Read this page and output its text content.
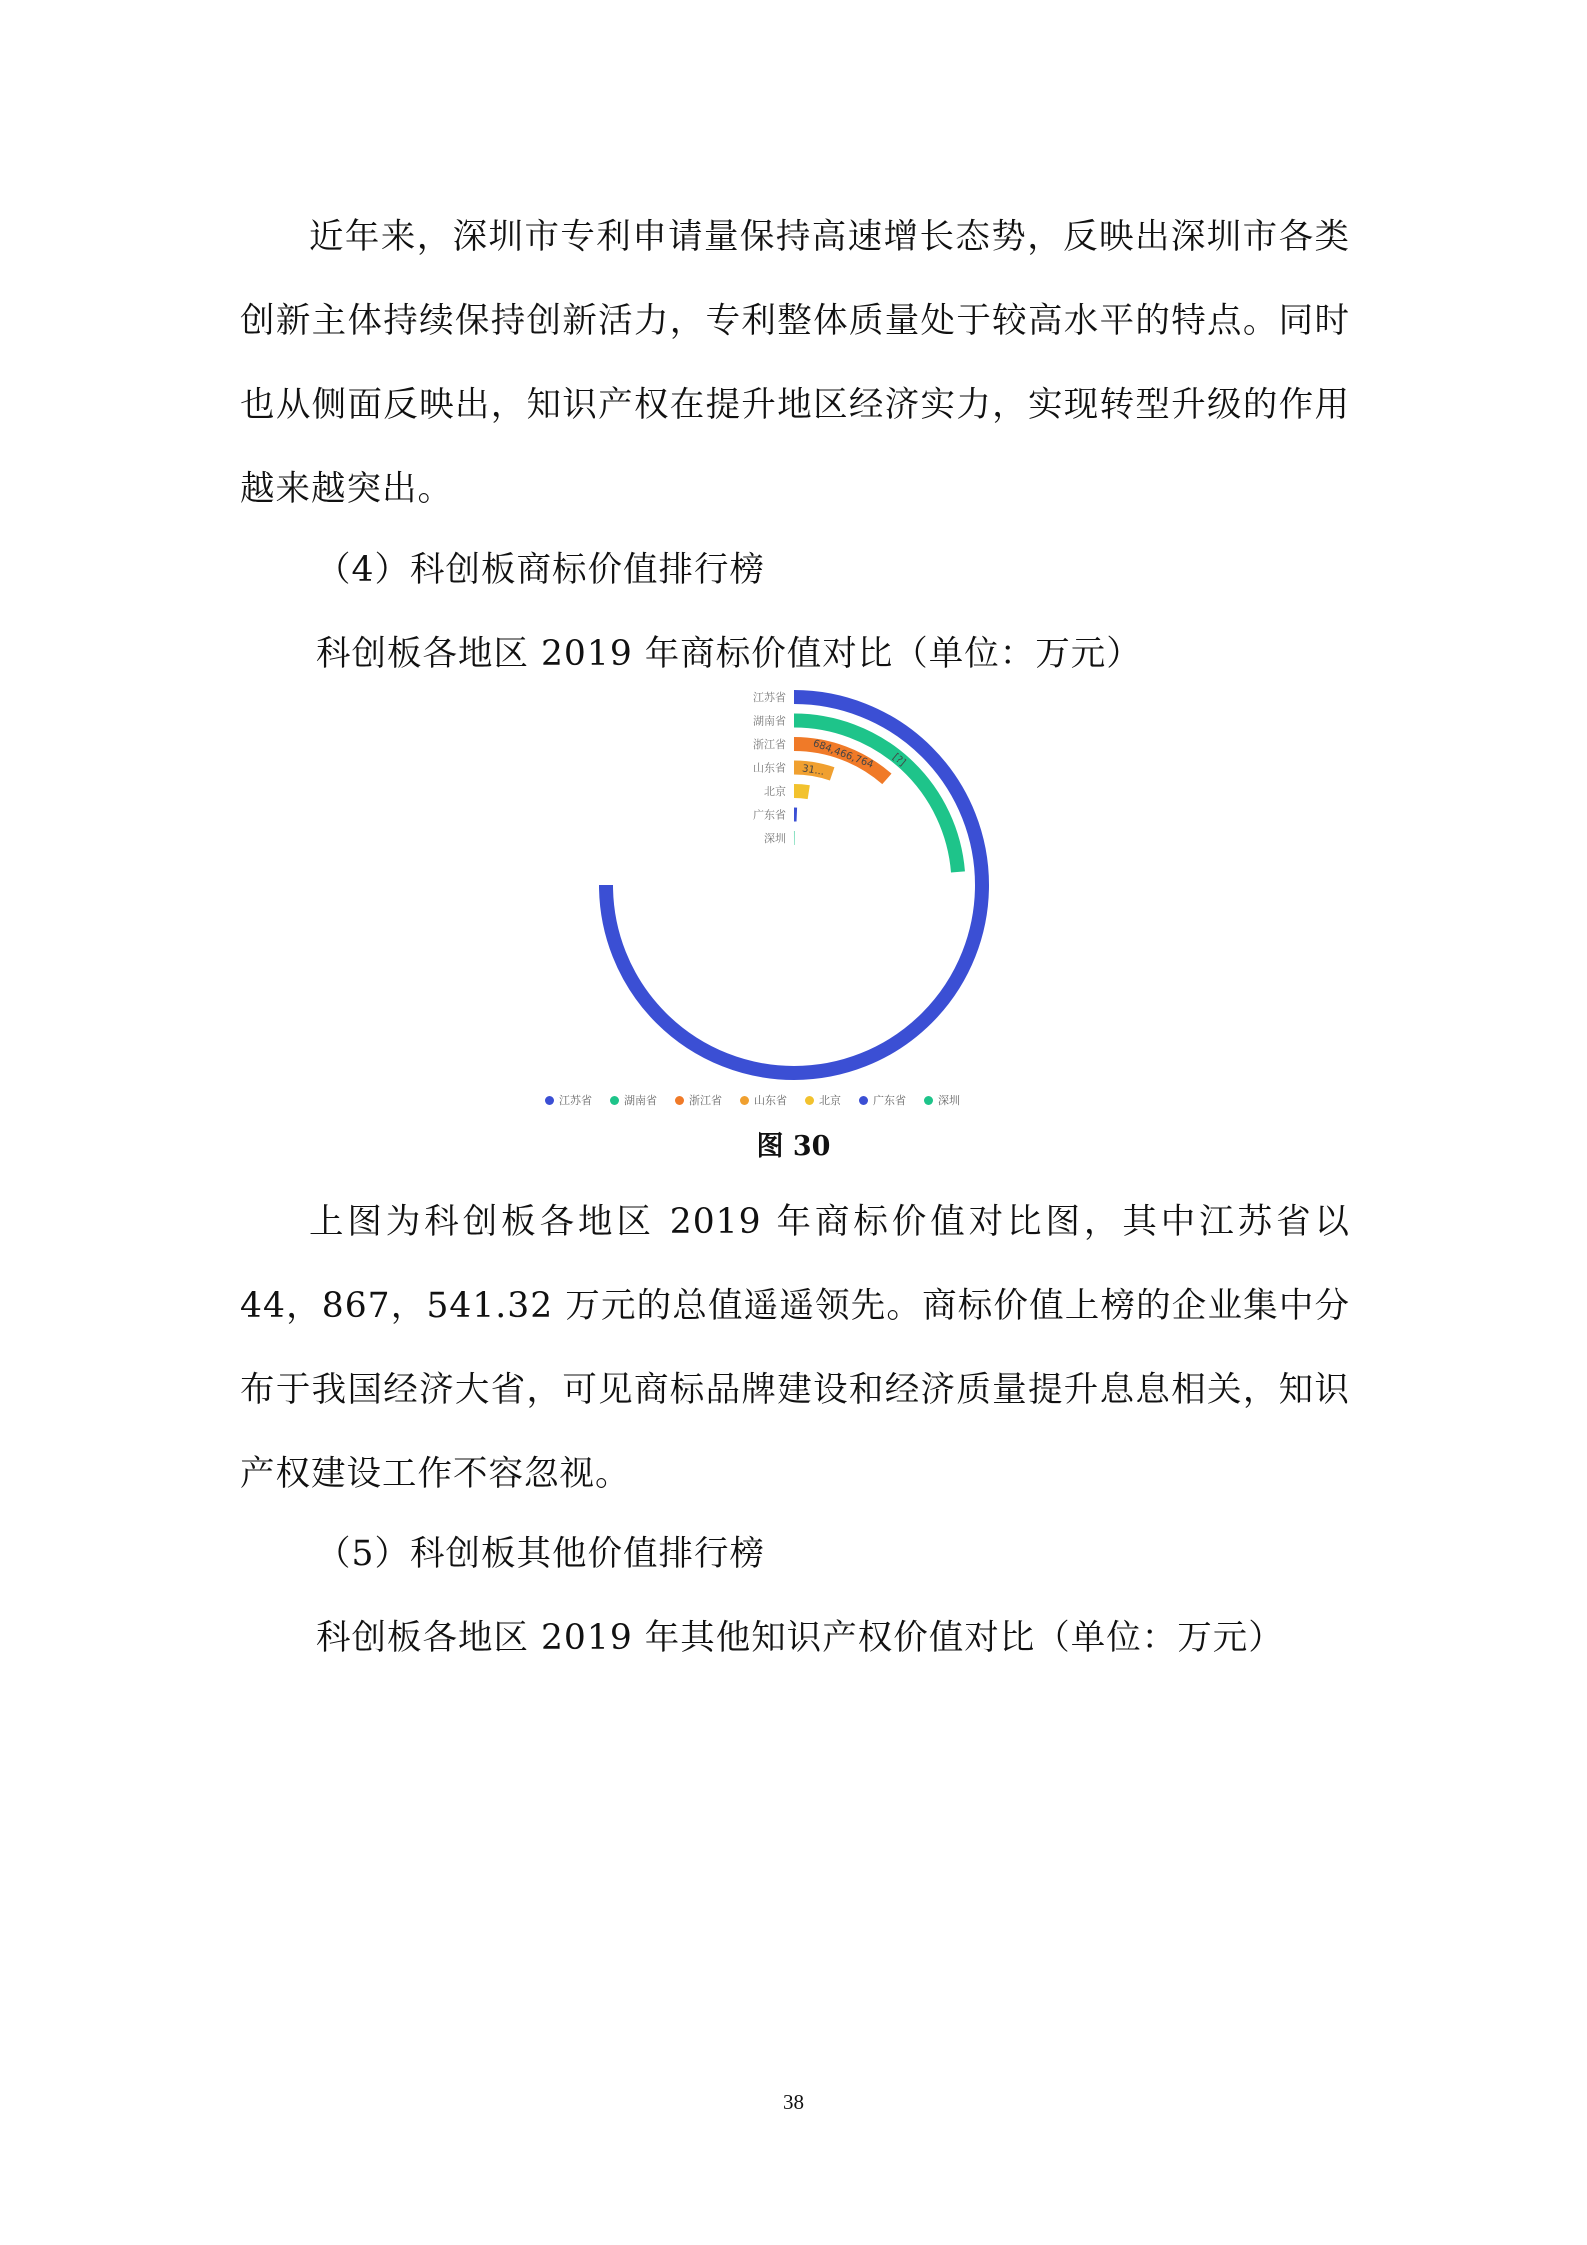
近年来，深圳市专利申请量保持高速增长态势，反映出深圳市各类创新主体持续保持创新活力，专利整体质量处于较高水平的特点。同时也从侧面反映出，知识产权在提升地区经济实力，实现转型升级的作用越来越突出。

（4）科创板商标价值排行榜
科创板各地区 2019 年商标价值对比（单位：万元）
江苏省
湖南省
[?]
浙江省	684,466,764
山东省 31...
北京
广东省
深圳
江苏省	湖南省	浙江省	山东省	北京	广东省	深圳
图 30

上图为科创板各地区 2019 年商标价值对比图，其中江苏省以 44，867，541.32 万元的总值遥遥领先。商标价值上榜的企业集中分布于我国经济大省，可见商标品牌建设和经济质量提升息息相关，知识产权建设工作不容忽视。

（5）科创板其他价值排行榜
科创板各地区 2019 年其他知识产权价值对比（单位：万元）
38
